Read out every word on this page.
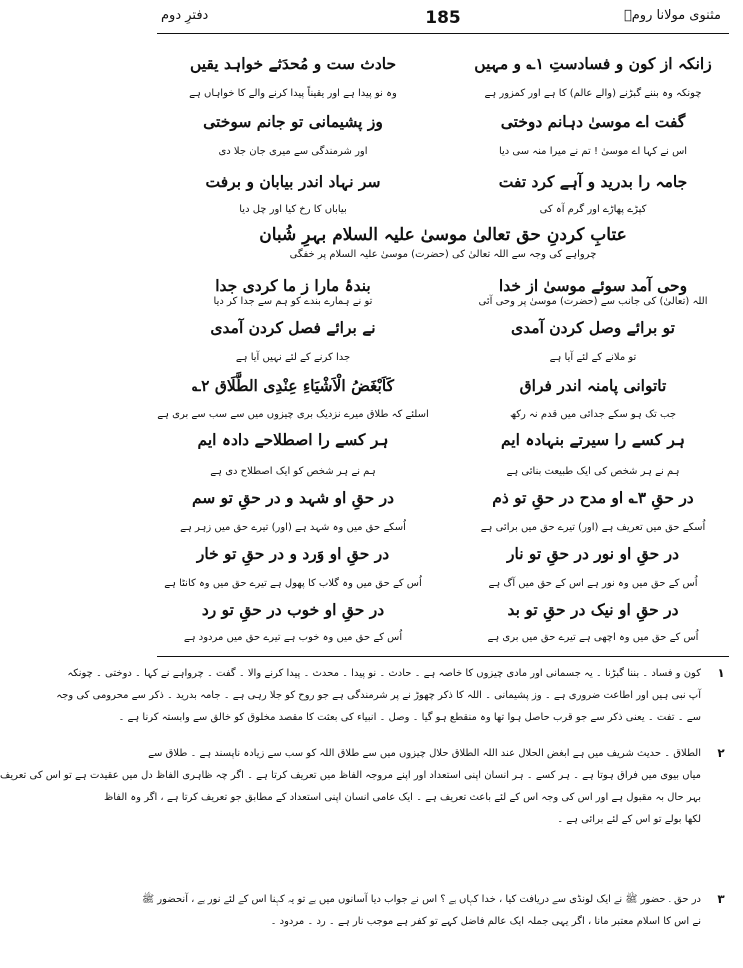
مثنوی مولانا رومؒ
185
دفترِ دوم
زانکہ از کون و فسادستِ ۱؎ و مہیں
حادث ست و مُحدَثے خواہد یقیں
چونکہ وہ بننے گبڑنے (والے عالم) کا ہے اور کمزور ہے
وہ نو پیدا ہے اور یقیناً پیدا کرنے والے کا خواہاں ہے
گفت اے موسیٰ دہانم دوختی
وز پشیمانی تو جانم سوختی
اس نے کہا اے موسیٰ ! تم نے میرا منہ سی دیا
اور شرمندگی سے میری جان جلا دی
جامہ را بدرید و آہے کرد تفت
سر نہاد اندر بیابان و برفت
کپڑے پھاڑے اور گرم آہ کی
بیاباں کا رخ کیا اور چل دیا
عتابِ کردنِ حق تعالیٰ موسیٰ علیہ السلام بہرِ شُبان
چرواہے کی وجہ سے اللہ تعالیٰ کی (حضرت) موسیٰ علیہ السلام پر خفگی
وحی آمد سوئے موسیٰ از خدا
بندۂ مارا ز ما کردی جدا
اللہ (تعالیٰ) کی جانب سے (حضرت) موسیٰ پر وحی آئی
تو نے ہمارے بندے کو ہم سے جدا کر دیا
تو برائے وصل کردن آمدی
نے برائے فصل کردن آمدی
تو ملانے کے لئے آیا ہے
جدا کرنے کے لئے نہیں آیا ہے
تاتوانی پامنہ اندر فراق
کَاَبْغَضُ الْاَشْیَاءِ عِنْدِی الطَّلَاق ۲؎
جب تک ہو سکے جدائی میں قدم نہ رکھ
اسلئے کہ طلاق میرے نزدیک بری چیزوں میں سے سب سے بری ہے
ہر کسے را سیرتے بنہادہ ایم
ہر کسے را اصطلاحے دادہ ایم
ہم نے ہر شخص کی ایک طبیعت بنائی ہے
ہم نے ہر شخص کو ایک اصطلاح دی ہے
در حقِ ۳؎ او مدح در حقِ تو ذم
در حقِ او شہد و در حقِ تو سم
اُسکے حق میں تعریف ہے (اور) تیرے حق میں برائی ہے
اُسکے حق میں وہ شہد ہے (اور) تیرے حق میں زہر ہے
در حقِ او نور در حقِ تو نار
در حقِ او وَرد و در حقِ تو خار
اُس کے حق میں وہ نور ہے اس کے حق میں آگ ہے
اُس کے حق میں وہ گلاب کا پھول ہے تیرے حق میں وہ کانٹا ہے
در حقِ او نیک در حقِ تو بد
در حقِ او خوب در حقِ تو رد
اُس کے حق میں وہ اچھی ہے تیرے حق میں بری ہے
اُس کے حق میں وہ خوب ہے تیرے حق میں مردود ہے
۱
کون و فساد ۔ بننا گبڑنا ۔ یہ جسمانی اور مادی چیزوں کا خاصہ ہے ۔ حادث ۔ نو پیدا ۔ محدث ۔ پیدا کرنے والا ۔ گفت ۔ چرواہے نے کہا ۔ دوختی ۔ چونکہ
آپ نبی ہیں اور اطاعت ضروری ہے ۔ وز پشیمانی ۔ اللہ کا ذکر چھوڑ نے پر شرمندگی ہے جو روح کو جلا رہی ہے ۔ جامہ بدرید ۔ ذکر سے محرومی کی وجہ
سے ۔ تفت ۔ یعنی ذکر سے جو قرب حاصل ہوا تھا وہ منقطع ہو گیا ۔ وصل ۔ انبیاء کی بعثت کا مقصد مخلوق کو خالق سے وابستہ کرنا ہے ۔
۲
الطلاق ۔ حدیث شریف میں ہے ابغض الحلال عند اللہ الطلاق حلال چیزوں میں سے طلاق اللہ کو سب سے زیادہ ناپسند ہے ۔ طلاق سے
میاں بیوی میں فراق ہوتا ہے ۔ ہر کسے ۔ ہر انسان اپنی استعداد اور اپنے مروجہ الفاظ میں تعریف کرتا ہے ۔ اگر چہ ظاہری الفاظ دل میں عقیدت ہے تو اس کی تعریف
بہر حال بہ مقبول ہے اور اس کی وجہ اس کے لئے باعث تعریف ہے ۔ ایک عامی انسان اپنی استعداد کے مطابق جو تعریف کرتا ہے ، اگر وہ الفاظ
لکھا بولے تو اس کے لئے برائی ہے ۔
۳
در حق ۔ حضور ﷺ نے ایک لونڈی سے دریافت کیا ، خدا کہاں ہے ؟ اس نے جواب دیا آسانوں میں ہے تو یہ کہنا اس کے لئے نور ہے ، آنحضور ﷺ
نے اس کا اسلام معتبر مانا ، اگر یہی جملہ ایک عالم فاضل کہے تو کفر ہے موجب نار ہے ۔ رد ۔ مردود ۔
